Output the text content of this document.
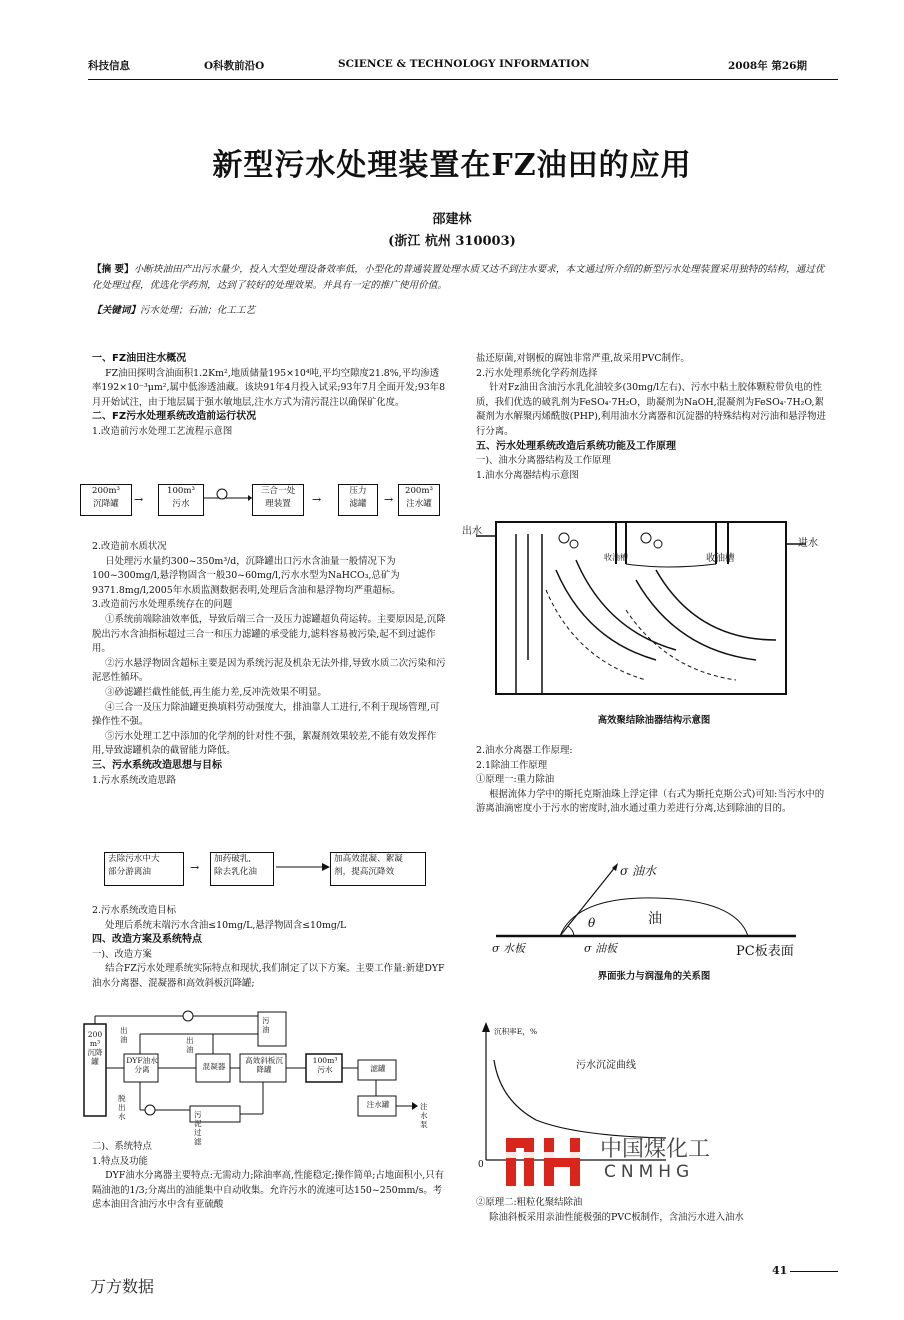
科技信息	O科教前沿O	SCIENCE & TECHNOLOGY INFORMATION	2008年 第26期
新型污水处理装置在FZ油田的应用
邵建林
(浙江 杭州 310003)
【摘 要】小断块油田产出污水量少，投入大型处理设备效率低，小型化的普通装置处理水质又达不到注水要求，本文通过所介绍的新型污水处理装置采用独特的结构，通过优化处理过程，优选化学药剂，达到了较好的处理效果。并具有一定的推广使用价值。
【关键词】污水处理；石油；化工工艺

一、FZ油田注水概况

FZ油田探明含油面积1.2Km²,地质储量195×10⁴吨,平均空隙度21.8%,平均渗透率192×10⁻³μm²,属中低渗透油藏。该块91年4月投入试采;93年7月全面开发;93年8月开始试注，由于地层属于强水敏地层,注水方式为清污混注以确保矿化度。

二、FZ污水处理系统改造前运行状况

1.改造前污水处理工艺流程示意图

200m³
沉降罐	→
100m³
污水
三合一处
理装置	→
压力
滤罐	→
200m³
注水罐

2.改造前水质状况

日处理污水量约300~350m³/d，沉降罐出口污水含油量一般情况下为100~300mg/l,悬浮物固含一般30~60mg/l,污水水型为NaHCO₃,总矿为9371.8mg/l,2005年水质监测数据表明,处理后含油和悬浮物均严重超标。

3.改造前污水处理系统存在的问题

①系统前端除油效率低，导致后端三合一及压力滤罐超负荷运转。主要原因是,沉降脱出污水含油指标超过三合一和压力滤罐的承受能力,滤料容易被污染,起不到过滤作用。

②污水悬浮物固含超标主要是因为系统污泥及机杂无法外排,导致水质二次污染和污泥恶性循环。

③砂滤罐拦截性能低,再生能力差,反冲洗效果不明显。

④三合一及压力除油罐更换填料劳动强度大，排油靠人工进行,不利于现场管理,可操作性不强。

⑤污水处理工艺中添加的化学剂的针对性不强，絮凝剂效果较差,不能有效发挥作用,导致滤罐机杂的截留能力降低。

三、污水系统改造思想与目标

1.污水系统改造思路

去除污水中大
部分游离油	→
加药破乳,
除去乳化油
加高效混凝、絮凝
剂，提高沉降效

2.污水系统改造目标

处理后系统末端污水含油≤10mg/L,悬浮物固含≤10mg/L

四、改造方案及系统特点

一)、改造方案

结合FZ污水处理系统实际特点和现状,我们制定了以下方案。主要工作量:新建DYF油水分离器、混凝器和高效斜板沉降罐;

200 m³ 沉降罐	DYF油水分离	混凝器
高效斜板沉降罐
100m³ 污水	滤罐
注水罐
脱出水	污泥过滤
出油	出油
污油
注水泵

二)、系统特点

1.特点及功能

DYF油水分离器主要特点:无需动力;除油率高,性能稳定;操作简单;占地面积小,只有隔油池的1/3;分离出的油能集中自动收集。允许污水的流速可达150~250mm/s。考虑本油田含油污水中含有亚硫酸

盐还原菌,对钢板的腐蚀非常严重,故采用PVC制作。

2.污水处理系统化学药剂选择

针对Fz油田含油污水乳化油较多(30mg/l左右)、污水中粘土胶体颗粒带负电的性质，我们优选的破乳剂为FeSO₄·7H₂O，助凝剂为NaOH,混凝剂为FeSO₄·7H₂O,絮凝剂为水解聚丙烯酰胺(PHP),利用油水分离器和沉淀器的特殊结构对污油和悬浮物进行分离。

五、污水处理系统改造后系统功能及工作原理

一)、油水分离器结构及工作原理

1.油水分离器结构示意图

出水
进水
收油槽	收油槽
高效聚结除油器结构示意图

2.油水分离器工作原理:

2.1除油工作原理

①原理一:重力除油

根据流体力学中的斯托克斯油珠上浮定律（右式为斯托克斯公式)可知:当污水中的游离油滴密度小于污水的密度时,油水通过重力差进行分离,达到除油的目的。

σ 油水
油
θ
σ 水板	σ 油板	PC板表面
界面张力与润湿角的关系图
沉积率E，%
污水沉淀曲线
0
中国煤化工
CNMHG

②原理二:粗粒化聚结除油

除油斜板采用亲油性能极强的PVC板制作，含油污水进入油水

万方数据
41
